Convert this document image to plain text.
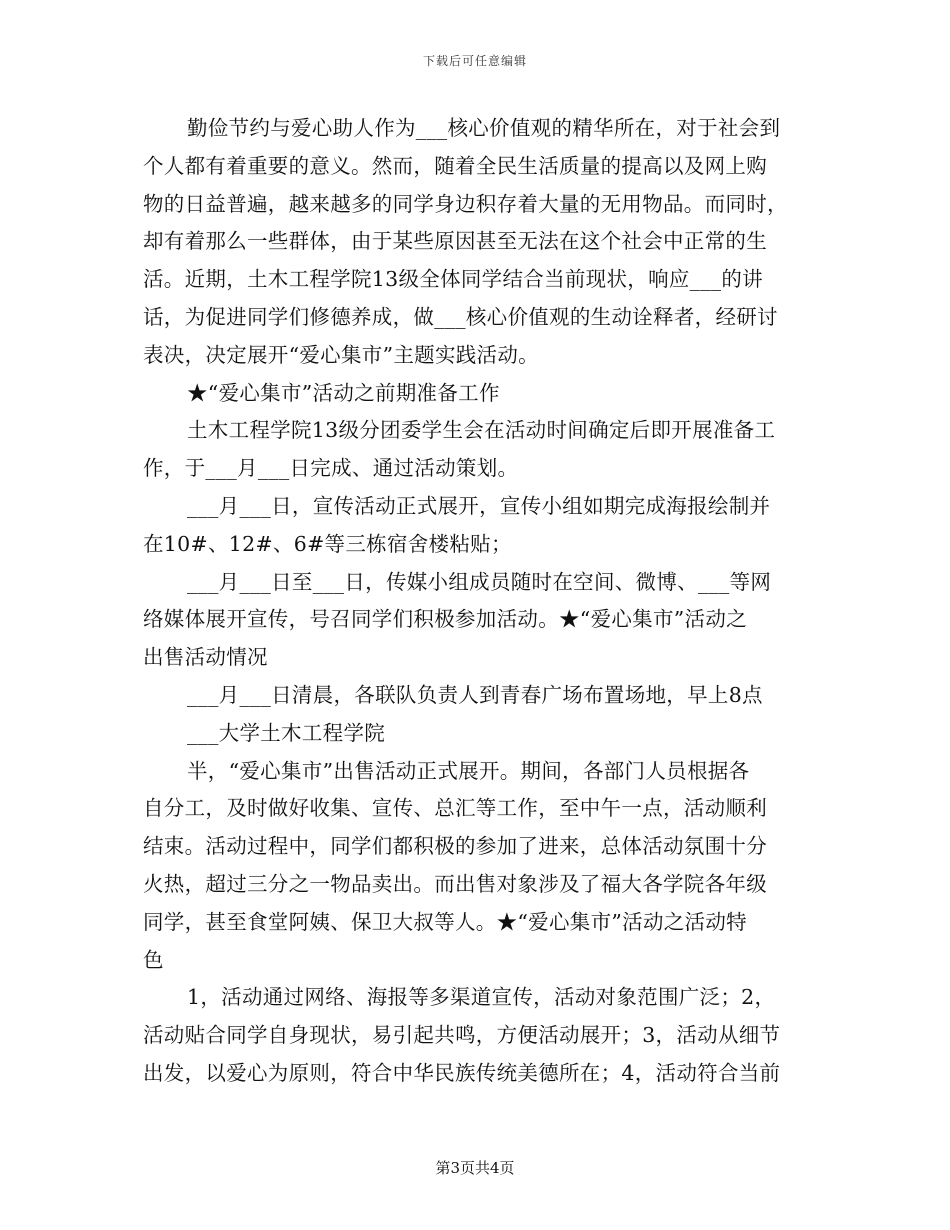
下载后可任意编辑
勤俭节约与爱心助人作为___核心价值观的精华所在，对于社会到
个人都有着重要的意义。然而，随着全民生活质量的提高以及网上购
物的日益普遍，越来越多的同学身边积存着大量的无用物品。而同时，
却有着那么一些群体，由于某些原因甚至无法在这个社会中正常的生
活。近期，土木工程学院13级全体同学结合当前现状，响应___的讲
话，为促进同学们修德养成，做___核心价值观的生动诠释者，经研讨
表决，决定展开“爱心集市”主题实践活动。
★“爱心集市”活动之前期准备工作
土木工程学院13级分团委学生会在活动时间确定后即开展准备工
作，于___月___日完成、通过活动策划。
___月___日，宣传活动正式展开，宣传小组如期完成海报绘制并
在10#、12#、6#等三栋宿舍楼粘贴；
___月___日至___日，传媒小组成员随时在空间、微博、___等网
络媒体展开宣传，号召同学们积极参加活动。★“爱心集市”活动之
出售活动情况
___月___日清晨，各联队负责人到青春广场布置场地，早上8点
___大学土木工程学院
半，“爱心集市”出售活动正式展开。期间，各部门人员根据各
自分工，及时做好收集、宣传、总汇等工作，至中午一点，活动顺利
结束。活动过程中，同学们都积极的参加了进来，总体活动氛围十分
火热，超过三分之一物品卖出。而出售对象涉及了福大各学院各年级
同学，甚至食堂阿姨、保卫大叔等人。★“爱心集市”活动之活动特
色
1，活动通过网络、海报等多渠道宣传，活动对象范围广泛；2，
活动贴合同学自身现状，易引起共鸣，方便活动展开；3，活动从细节
出发，以爱心为原则，符合中华民族传统美德所在；4，活动符合当前
第3页共4页
